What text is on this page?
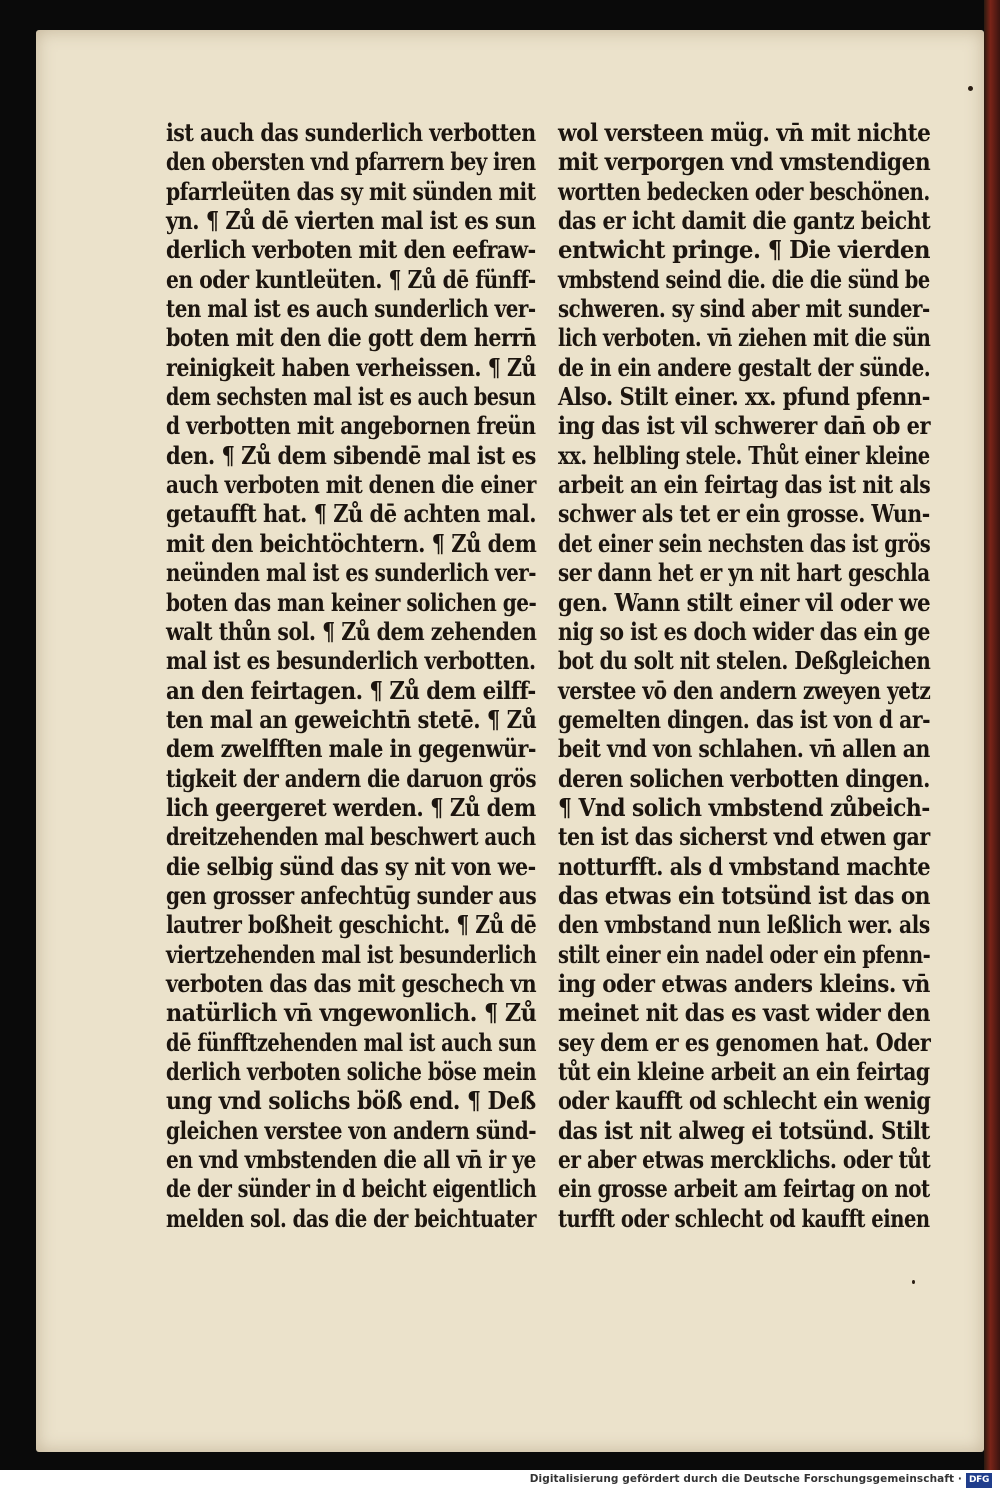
ist auch das sunderlich verbotten
den obersten vnd pfarrern bey iren
pfarrleüten das sy mit sünden mit
yn. ¶ Zů dē vierten mal ist es sun
derlich verboten mit den eefraw-
en oder kuntleüten. ¶ Zů dē fünff-
ten mal ist es auch sunderlich ver-
boten mit den die gott dem herrn̄
reinigkeit haben verheissen. ¶ Zů
dem sechsten mal ist es auch besun
d verbotten mit angebornen freün
den. ¶ Zů dem sibendē mal ist es
auch verboten mit denen die einer
getaufft hat. ¶ Zů dē achten mal.
mit den beichtöchtern. ¶ Zů dem
neünden mal ist es sunderlich ver-
boten das man keiner solichen ge-
walt thůn sol. ¶ Zů dem zehenden
mal ist es besunderlich verbotten.
an den feirtagen. ¶ Zů dem eilff-
ten mal an geweichtn̄ stetē. ¶ Zů
dem zwelfften male in gegenwür-
tigkeit der andern die daruon grös
lich geergeret werden. ¶ Zů dem
dreitzehenden mal beschwert auch
die selbig sünd das sy nit von we-
gen grosser anfechtūg sunder aus
lautrer boßheit geschicht. ¶ Zů dē
viertzehenden mal ist besunderlich
verboten das das mit geschech vn
natürlich vn̄ vngewonlich. ¶ Zů
dē fünfftzehenden mal ist auch sun
derlich verboten soliche böse mein
ung vnd solichs böß end. ¶ Deß
gleichen verstee von andern sünd-
en vnd vmbstenden die all vn̄ ir ye
de der sünder in d beicht eigentlich
melden sol. das die der beichtuater
wol versteen müg. vn̄ mit nichte
mit verporgen vnd vmstendigen
wortten bedecken oder beschönen.
das er icht damit die gantz beicht
entwicht pringe. ¶ Die vierden
vmbstend seind die. die die sünd be
schweren. sy sind aber mit sunder-
lich verboten. vn̄ ziehen mit die sün
de in ein andere gestalt der sünde.
Also. Stilt einer. xx. pfund pfenn-
ing das ist vil schwerer dan̄ ob er
xx. helbling stele. Thůt einer kleine
arbeit an ein feirtag das ist nit als
schwer als tet er ein grosse. Wun-
det einer sein nechsten das ist grös
ser dann het er yn nit hart geschla
gen. Wann stilt einer vil oder we
nig so ist es doch wider das ein ge
bot du solt nit stelen. Deßgleichen
verstee vō den andern zweyen yetz
gemelten dingen. das ist von d ar-
beit vnd von schlahen. vn̄ allen an
deren solichen verbotten dingen.
¶ Vnd solich vmbstend zůbeich-
ten ist das sicherst vnd etwen gar
notturfft. als d vmbstand machte
das etwas ein totsünd ist das on
den vmbstand nun leßlich wer. als
stilt einer ein nadel oder ein pfenn-
ing oder etwas anders kleins. vn̄
meinet nit das es vast wider den
sey dem er es genomen hat. Oder
tůt ein kleine arbeit an ein feirtag
oder kaufft od schlecht ein wenig
das ist nit alweg ei totsünd. Stilt
er aber etwas mercklichs. oder tůt
ein grosse arbeit am feirtag on not
turfft oder schlecht od kaufft einen
Digitalisierung gefördert durch die Deutsche Forschungsgemeinschaft · DFG
